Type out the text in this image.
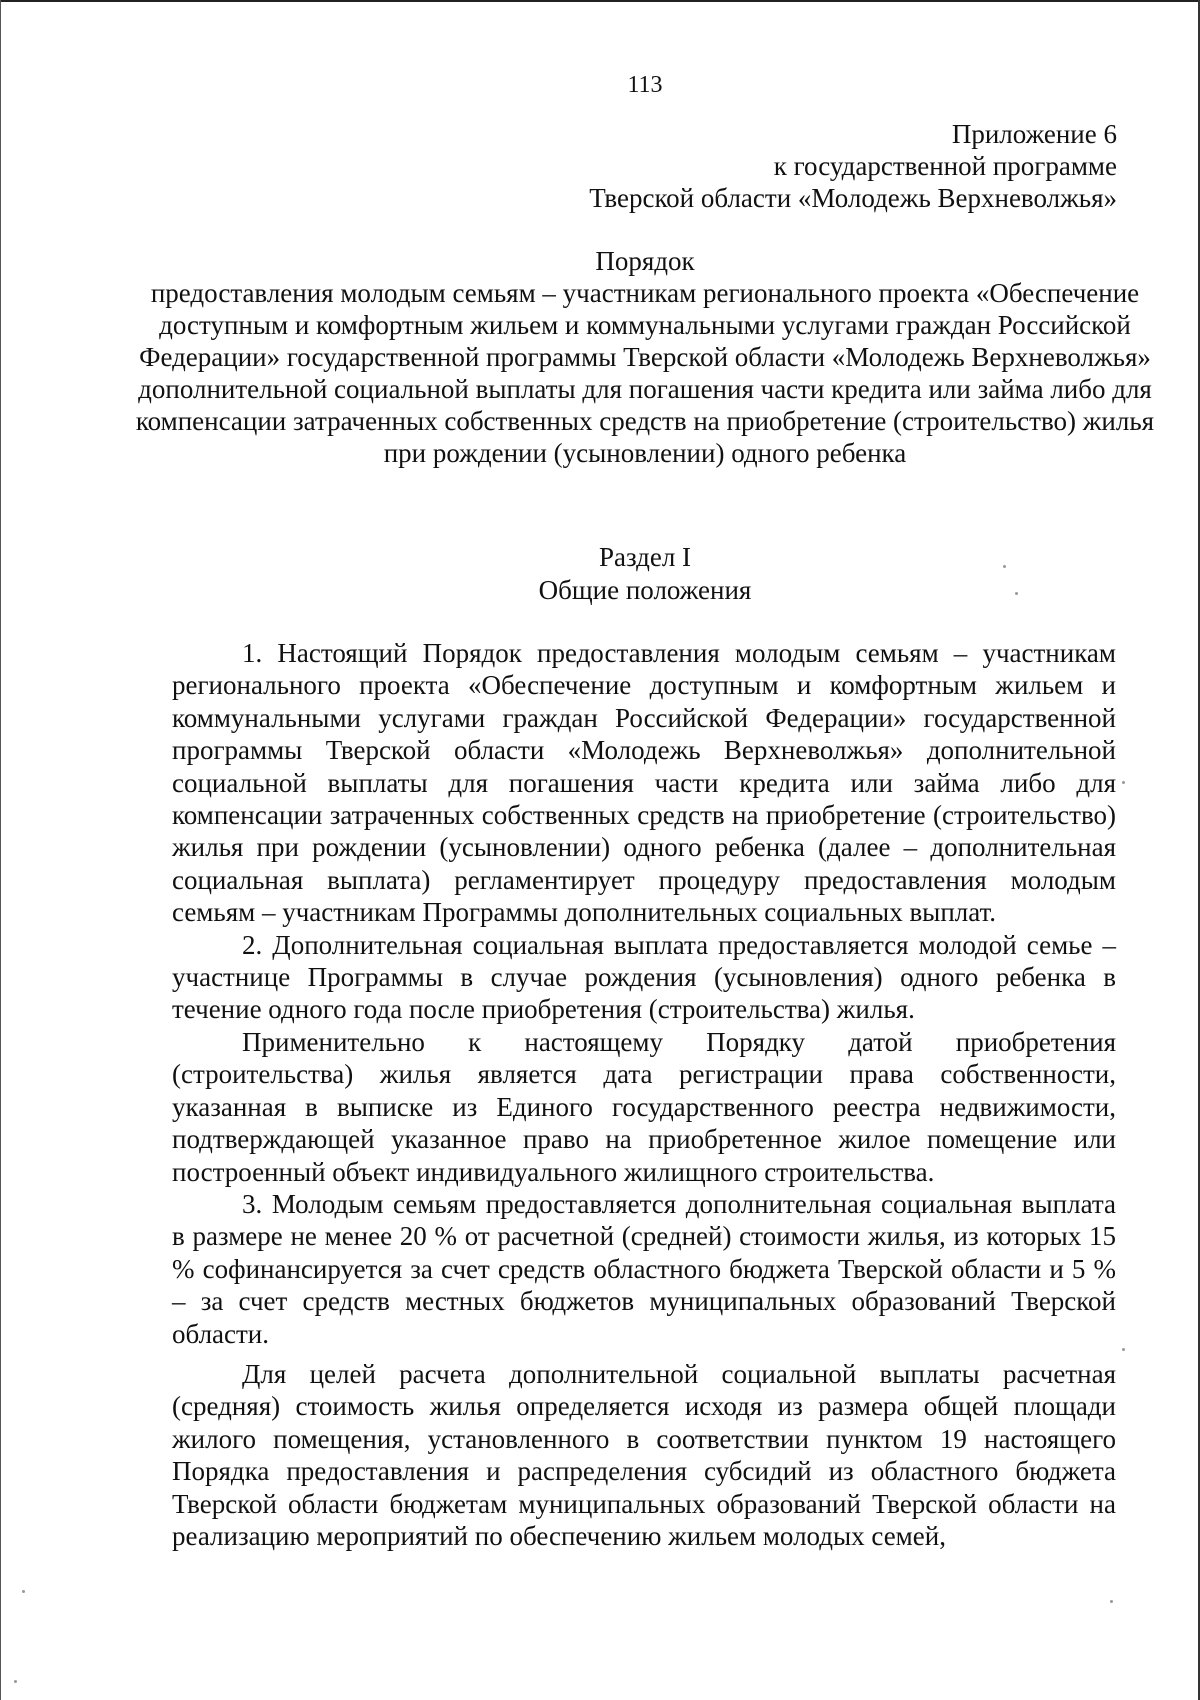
113
Приложение 6
к государственной программе
Тверской области «Молодежь Верхневолжья»
Порядок

предоставления молодым семьям – участникам регионального проекта «Обеспечение доступным и комфортным жильем и коммунальными услугами граждан Российской Федерации» государственной программы Тверской области «Молодежь Верхневолжья» дополнительной социальной выплаты для погашения части кредита или займа либо для компенсации затраченных собственных средств на приобретение (строительство) жилья при рождении (усыновлении) одного ребенка

Раздел I
Общие положения

1. Настоящий Порядок предоставления молодым семьям – участникам регионального проекта «Обеспечение доступным и комфортным жильем и коммунальными услугами граждан Российской Федерации» государственной программы Тверской области «Молодежь Верхневолжья» дополнительной социальной выплаты для погашения части кредита или займа либо для компенсации затраченных собственных средств на приобретение (строительство) жилья при рождении (усыновлении) одного ребенка (далее – дополнительная социальная выплата) регламентирует процедуру предоставления молодым семьям – участникам Программы дополнительных социальных выплат.

2. Дополнительная социальная выплата предоставляется молодой семье – участнице Программы в случае рождения (усыновления) одного ребенка в течение одного года после приобретения (строительства) жилья.

Применительно к настоящему Порядку датой приобретения (строительства) жилья является дата регистрации права собственности, указанная в выписке из Единого государственного реестра недвижимости, подтверждающей указанное право на приобретенное жилое помещение или построенный объект индивидуального жилищного строительства.

3. Молодым семьям предоставляется дополнительная социальная выплата в размере не менее 20 % от расчетной (средней) стоимости жилья, из которых 15 % софинансируется за счет средств областного бюджета Тверской области и 5 % – за счет средств местных бюджетов муниципальных образований Тверской области.

Для целей расчета дополнительной социальной выплаты расчетная (средняя) стоимость жилья определяется исходя из размера общей площади жилого помещения, установленного в соответствии пунктом 19 настоящего Порядка предоставления и распределения субсидий из областного бюджета Тверской области бюджетам муниципальных образований Тверской области на реализацию мероприятий по обеспечению жильем молодых семей,
